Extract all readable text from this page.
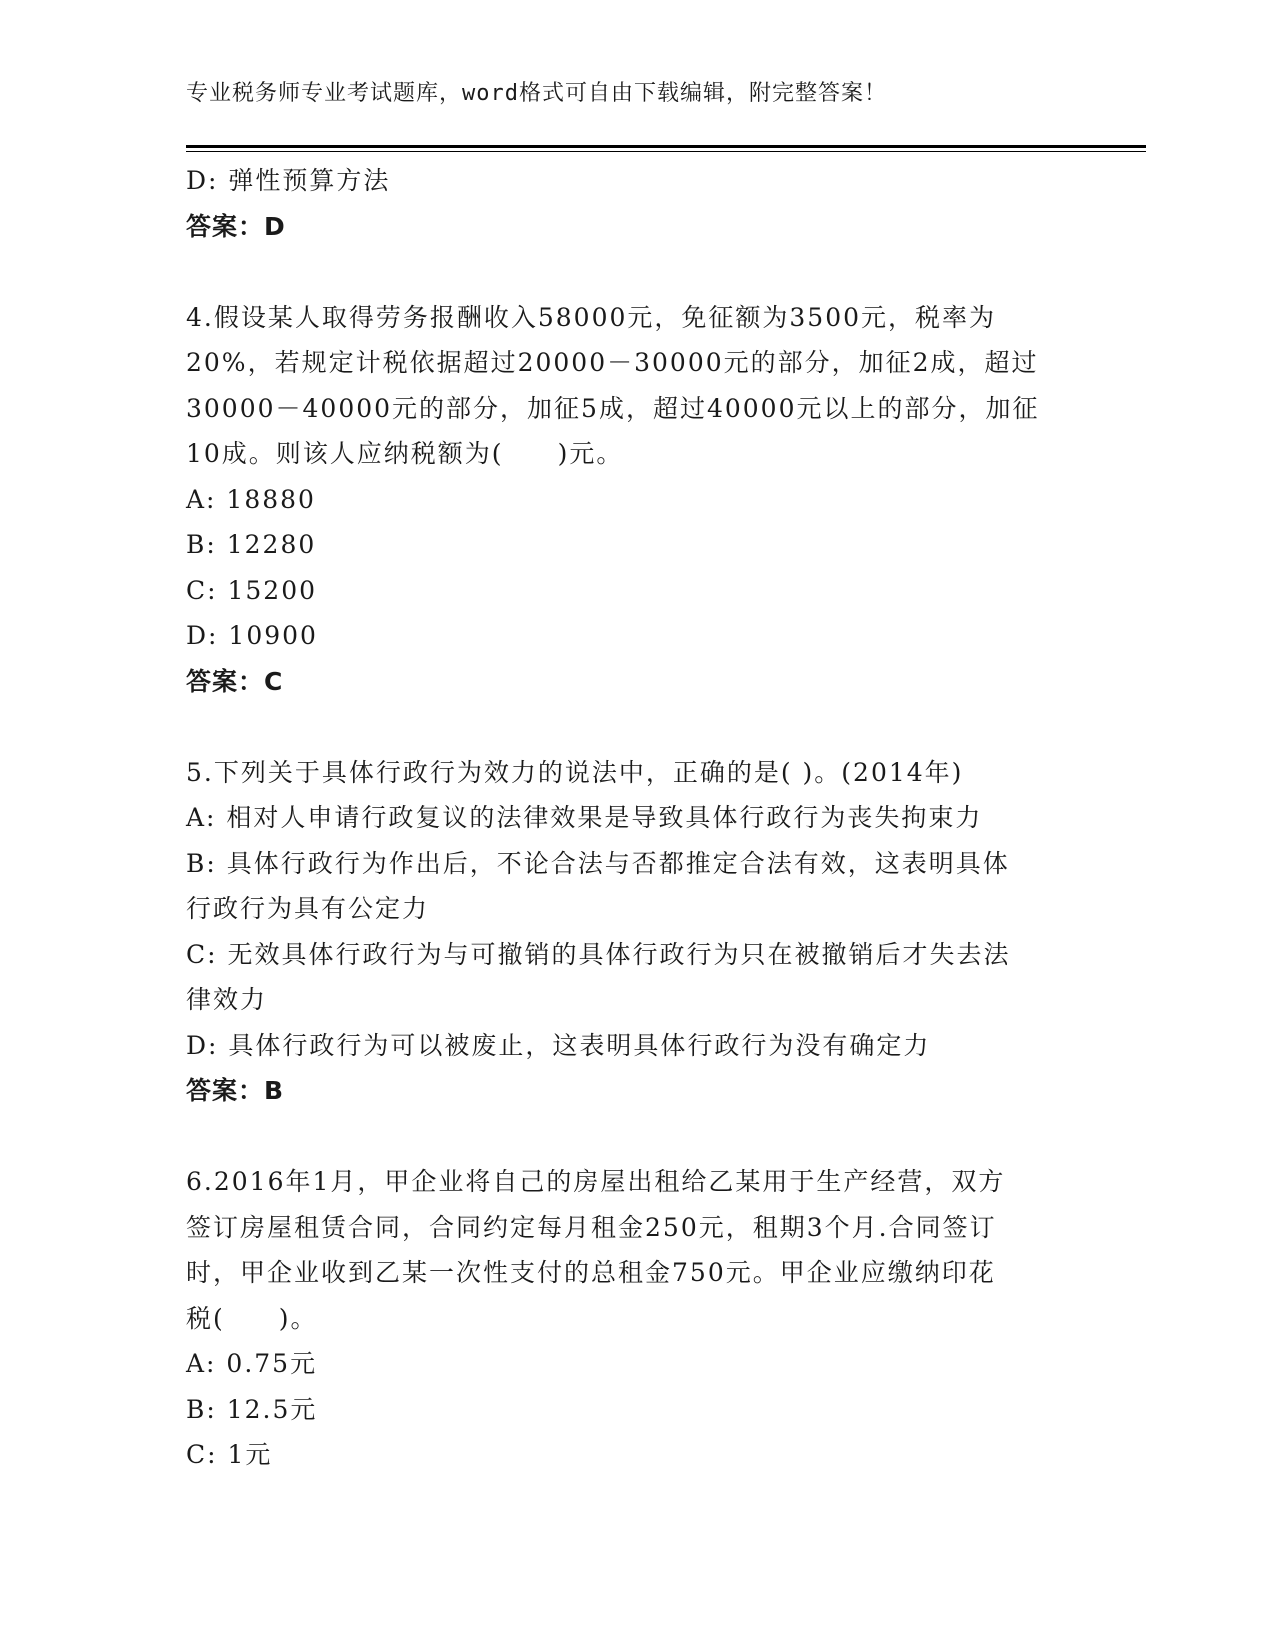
专业税务师专业考试题库，word格式可自由下载编辑，附完整答案！
D: 弹性预算方法
答案：D
4.假设某人取得劳务报酬收入58000元，免征额为3500元，税率为
20%，若规定计税依据超过20000－30000元的部分，加征2成，超过
30000－40000元的部分，加征5成，超过40000元以上的部分，加征
10成。则该人应纳税额为(　　)元。
A: 18880
B: 12280
C: 15200
D: 10900
答案：C
5.下列关于具体行政行为效力的说法中，正确的是( )。(2014年)
A: 相对人申请行政复议的法律效果是导致具体行政行为丧失拘束力
B: 具体行政行为作出后，不论合法与否都推定合法有效，这表明具体
行政行为具有公定力
C: 无效具体行政行为与可撤销的具体行政行为只在被撤销后才失去法
律效力
D: 具体行政行为可以被废止，这表明具体行政行为没有确定力
答案：B
6.2016年1月，甲企业将自己的房屋出租给乙某用于生产经营，双方
签订房屋租赁合同，合同约定每月租金250元，租期3个月.合同签订
时，甲企业收到乙某一次性支付的总租金750元。甲企业应缴纳印花
税(　　)。
A: 0.75元
B: 12.5元
C: 1元
